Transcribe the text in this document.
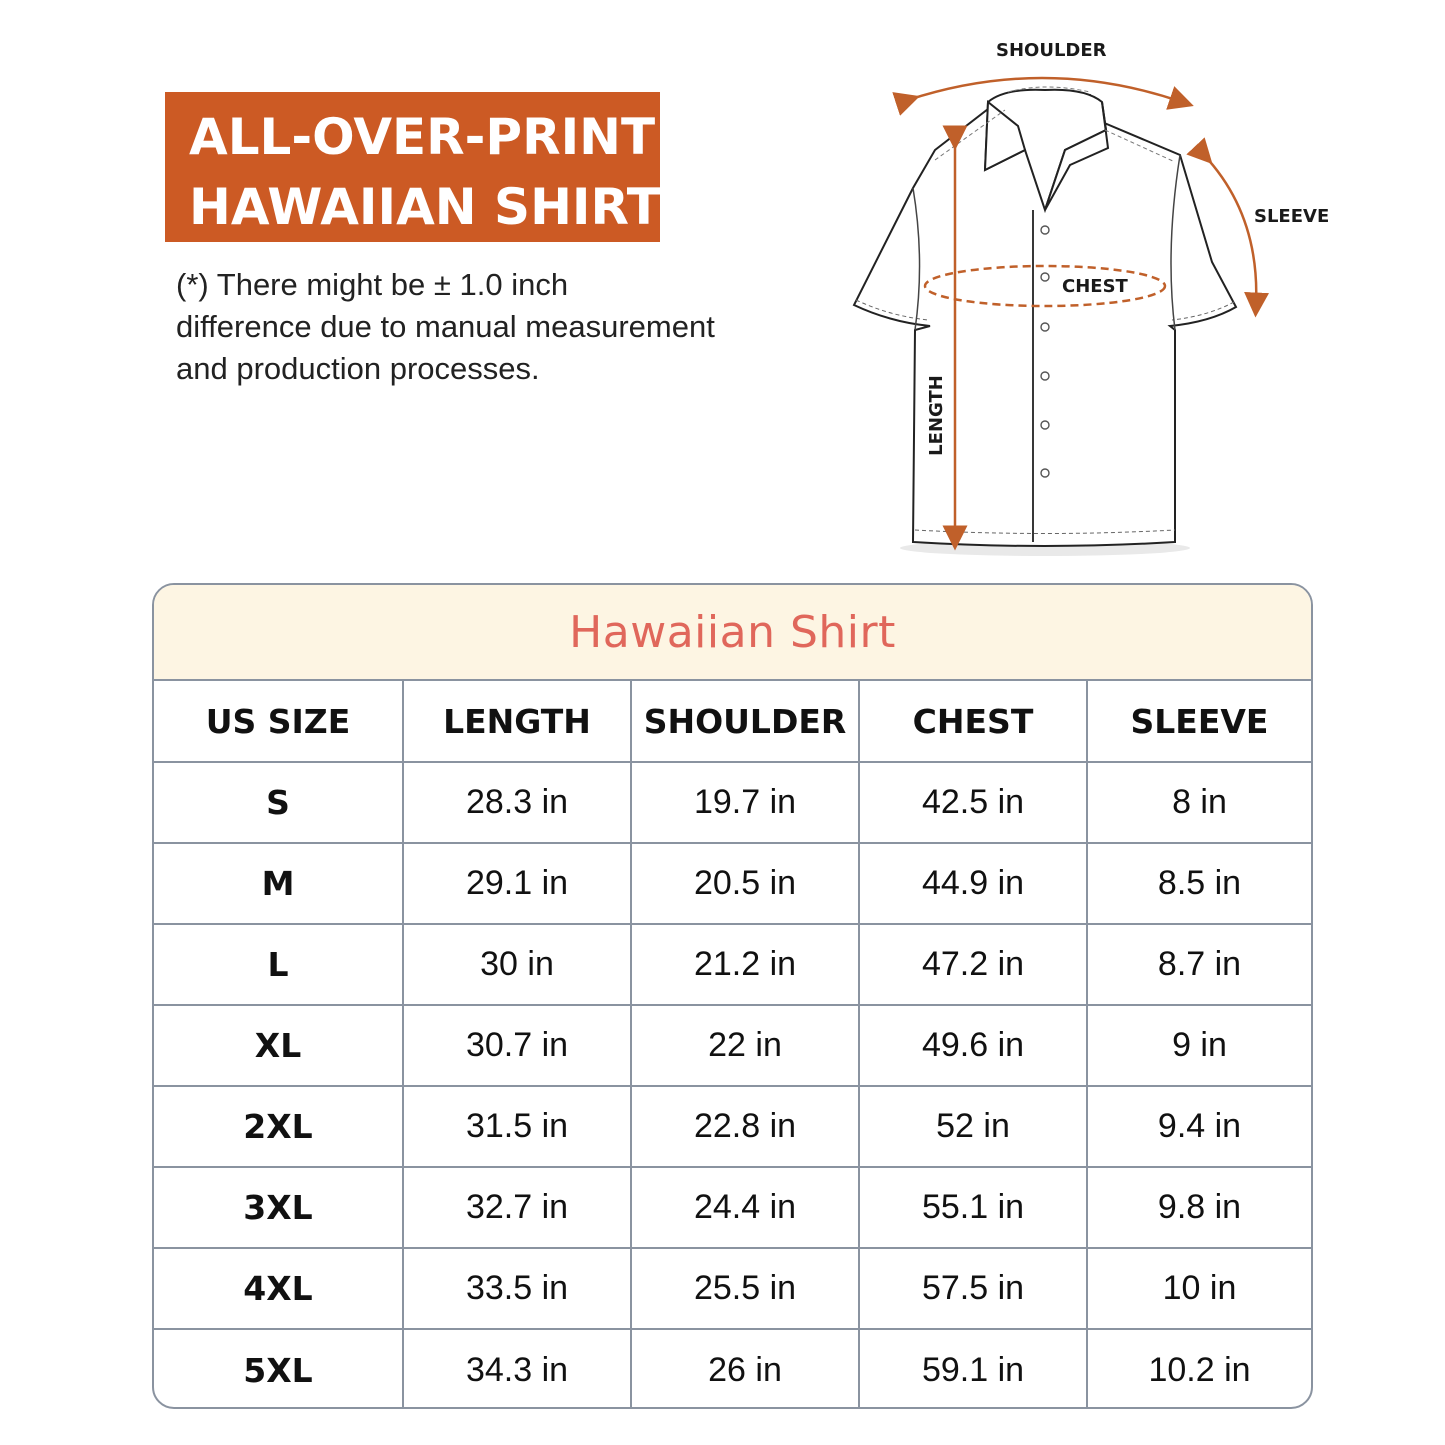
ALL-OVER-PRINT
HAWAIIAN SHIRT
(*) There might be ± 1.0 inch
difference due to manual measurement
and production processes.
SHOULDER
SLEEVE
CHEST
LENGTH
Hawaiian Shirt
US SIZE	LENGTH	SHOULDER	CHEST	SLEEVE
S	28.3 in	19.7 in	42.5 in	8 in
M	29.1 in	20.5 in	44.9 in	8.5 in
L	30 in	21.2 in	47.2 in	8.7 in
XL	30.7 in	22 in	49.6 in	9 in
2XL	31.5 in	22.8 in	52 in	9.4 in
3XL	32.7 in	24.4 in	55.1 in	9.8 in
4XL	33.5 in	25.5 in	57.5 in	10 in
5XL	34.3 in	26 in	59.1 in	10.2 in
